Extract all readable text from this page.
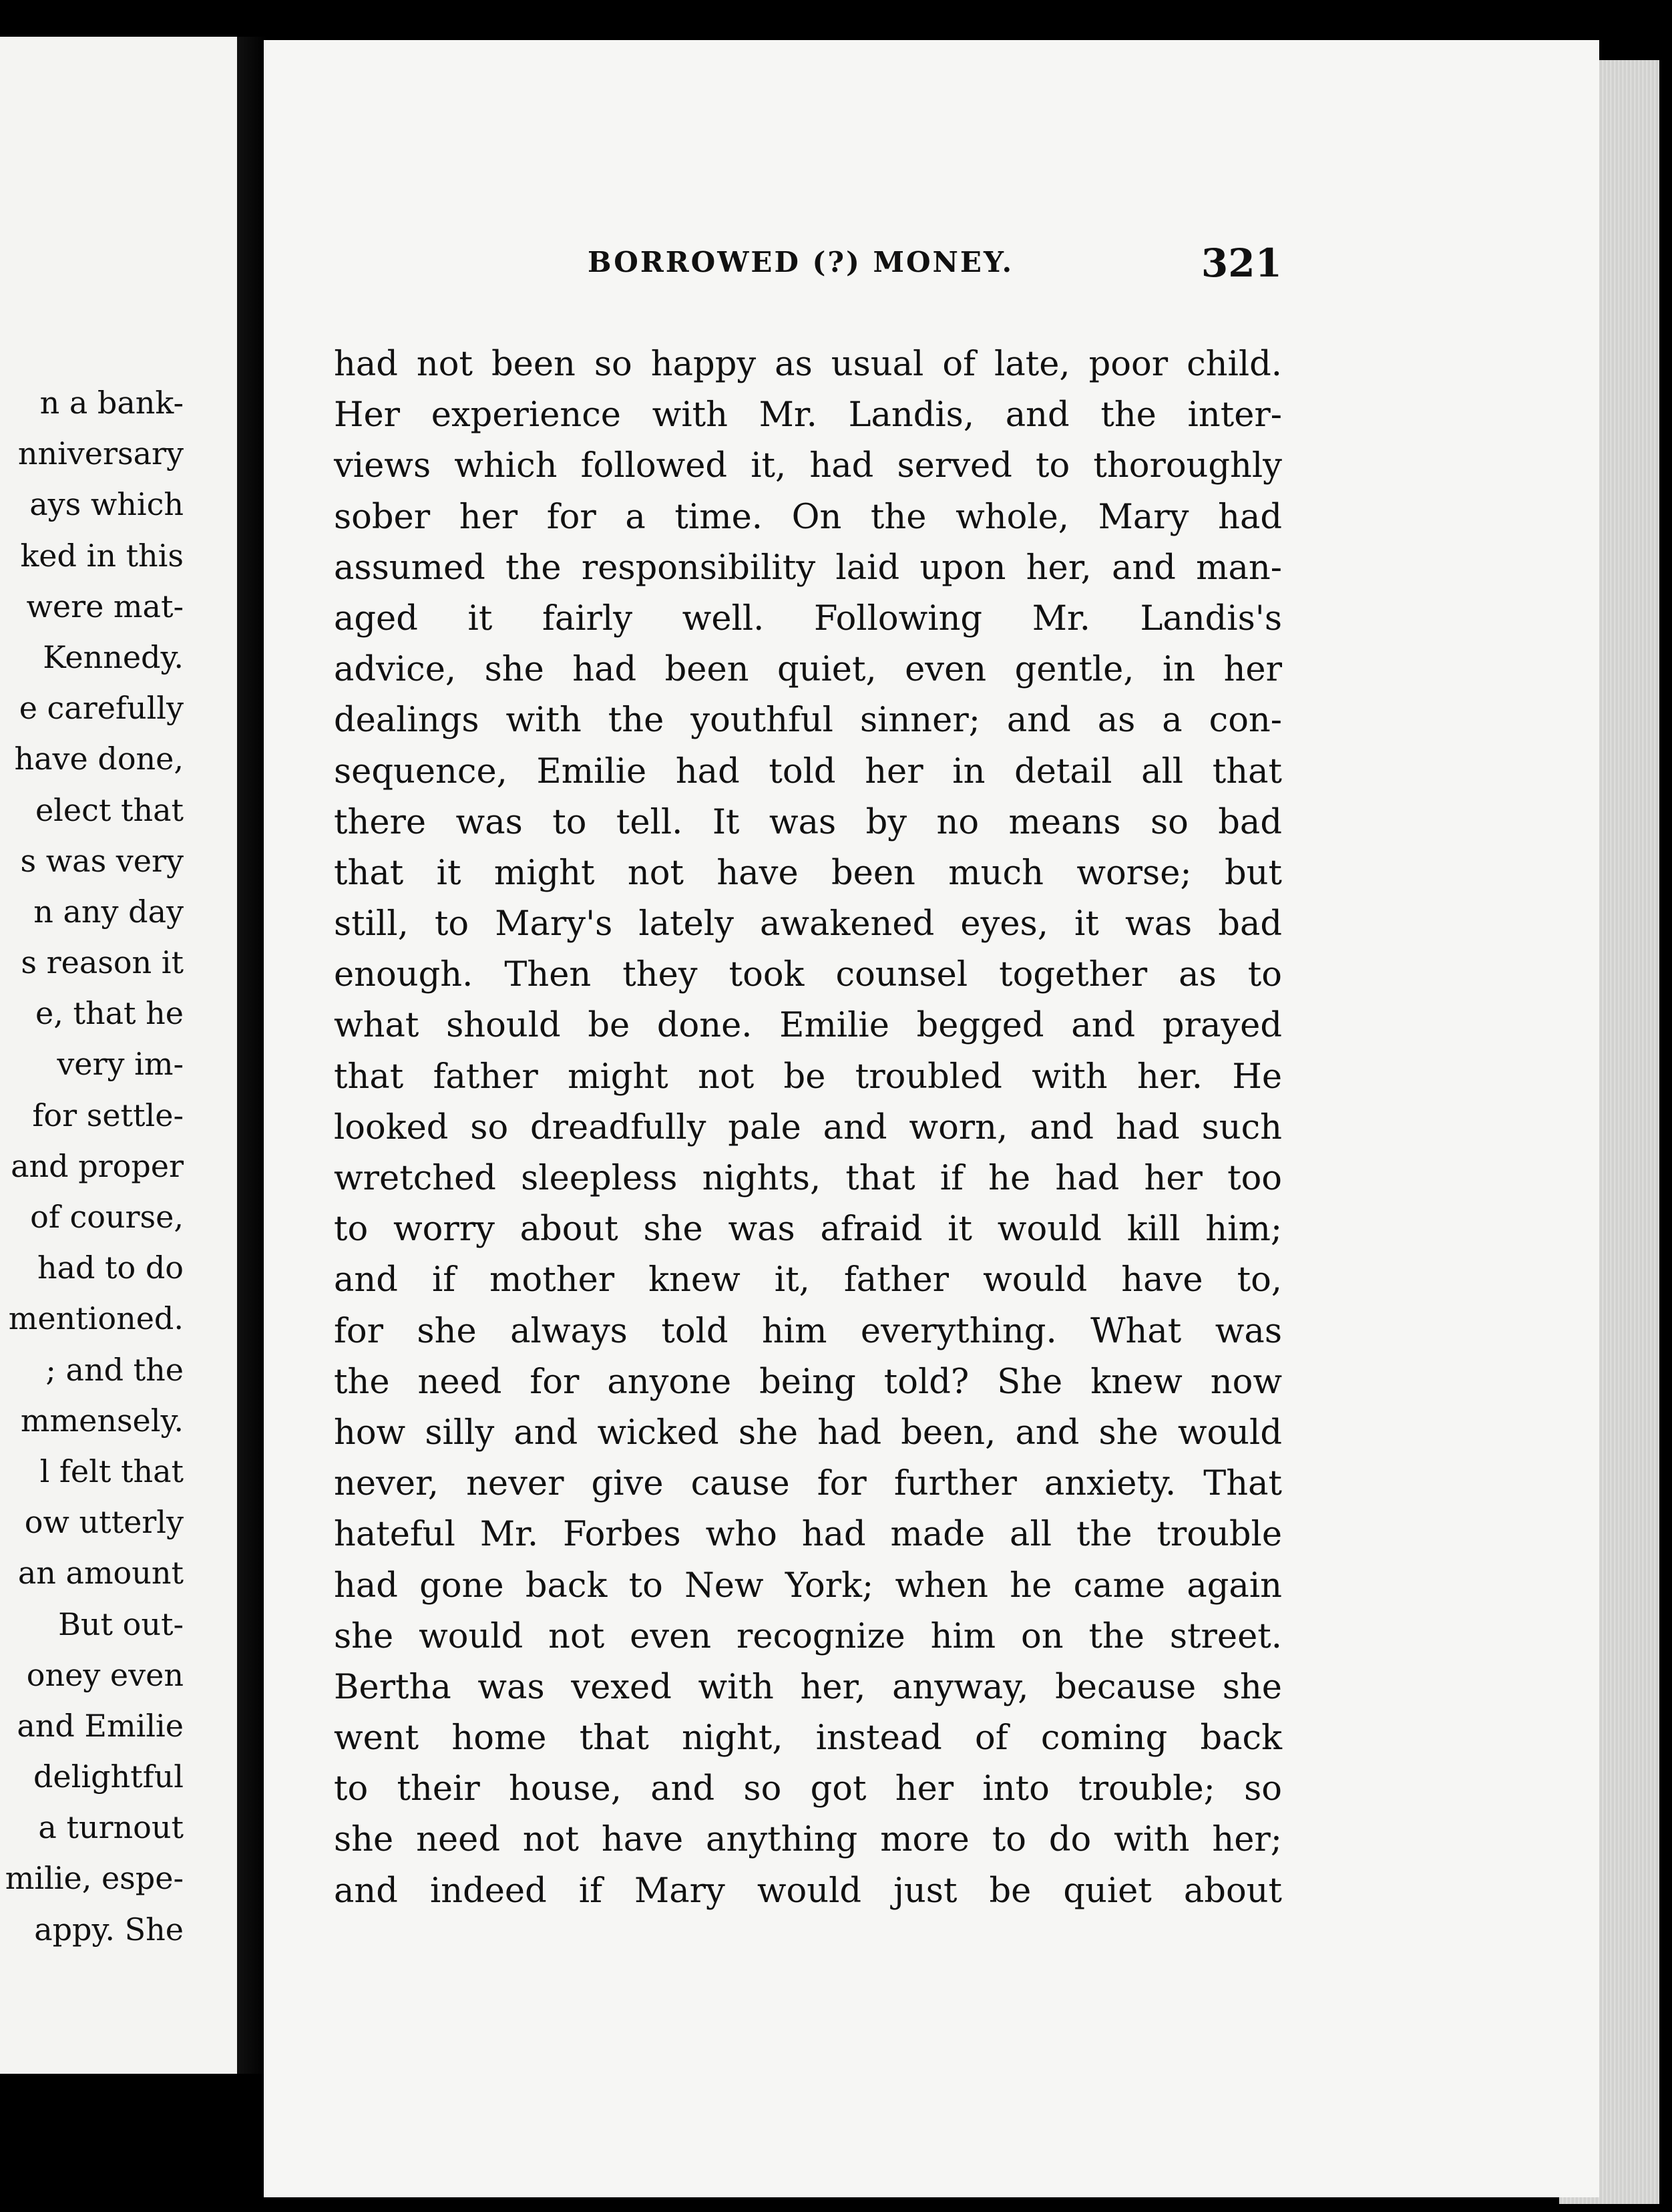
n a bank-
nniversary
ays which
ked in this
were mat-
Kennedy.
e carefully
have done,
elect that
s was very
n any day
s reason it
e, that he
very im-
for settle-
and proper
of course,
had to do
mentioned.
; and the
mmensely.
l felt that
ow utterly
an amount
But out-
oney even
and Emilie
delightful
a turnout
milie, espe-
appy. She
BORROWED (?) MONEY.	321
had not been so happy as usual of late, poor child.
Her experience with Mr. Landis, and the inter-
views which followed it, had served to thoroughly
sober her for a time. On the whole, Mary had
assumed the responsibility laid upon her, and man-
aged it fairly well. Following Mr. Landis's
advice, she had been quiet, even gentle, in her
dealings with the youthful sinner; and as a con-
sequence, Emilie had told her in detail all that
there was to tell. It was by no means so bad
that it might not have been much worse; but
still, to Mary's lately awakened eyes, it was bad
enough. Then they took counsel together as to
what should be done. Emilie begged and prayed
that father might not be troubled with her. He
looked so dreadfully pale and worn, and had such
wretched sleepless nights, that if he had her too
to worry about she was afraid it would kill him;
and if mother knew it, father would have to,
for she always told him everything. What was
the need for anyone being told? She knew now
how silly and wicked she had been, and she would
never, never give cause for further anxiety. That
hateful Mr. Forbes who had made all the trouble
had gone back to New York; when he came again
she would not even recognize him on the street.
Bertha was vexed with her, anyway, because she
went home that night, instead of coming back
to their house, and so got her into trouble; so
she need not have anything more to do with her;
and indeed if Mary would just be quiet about
